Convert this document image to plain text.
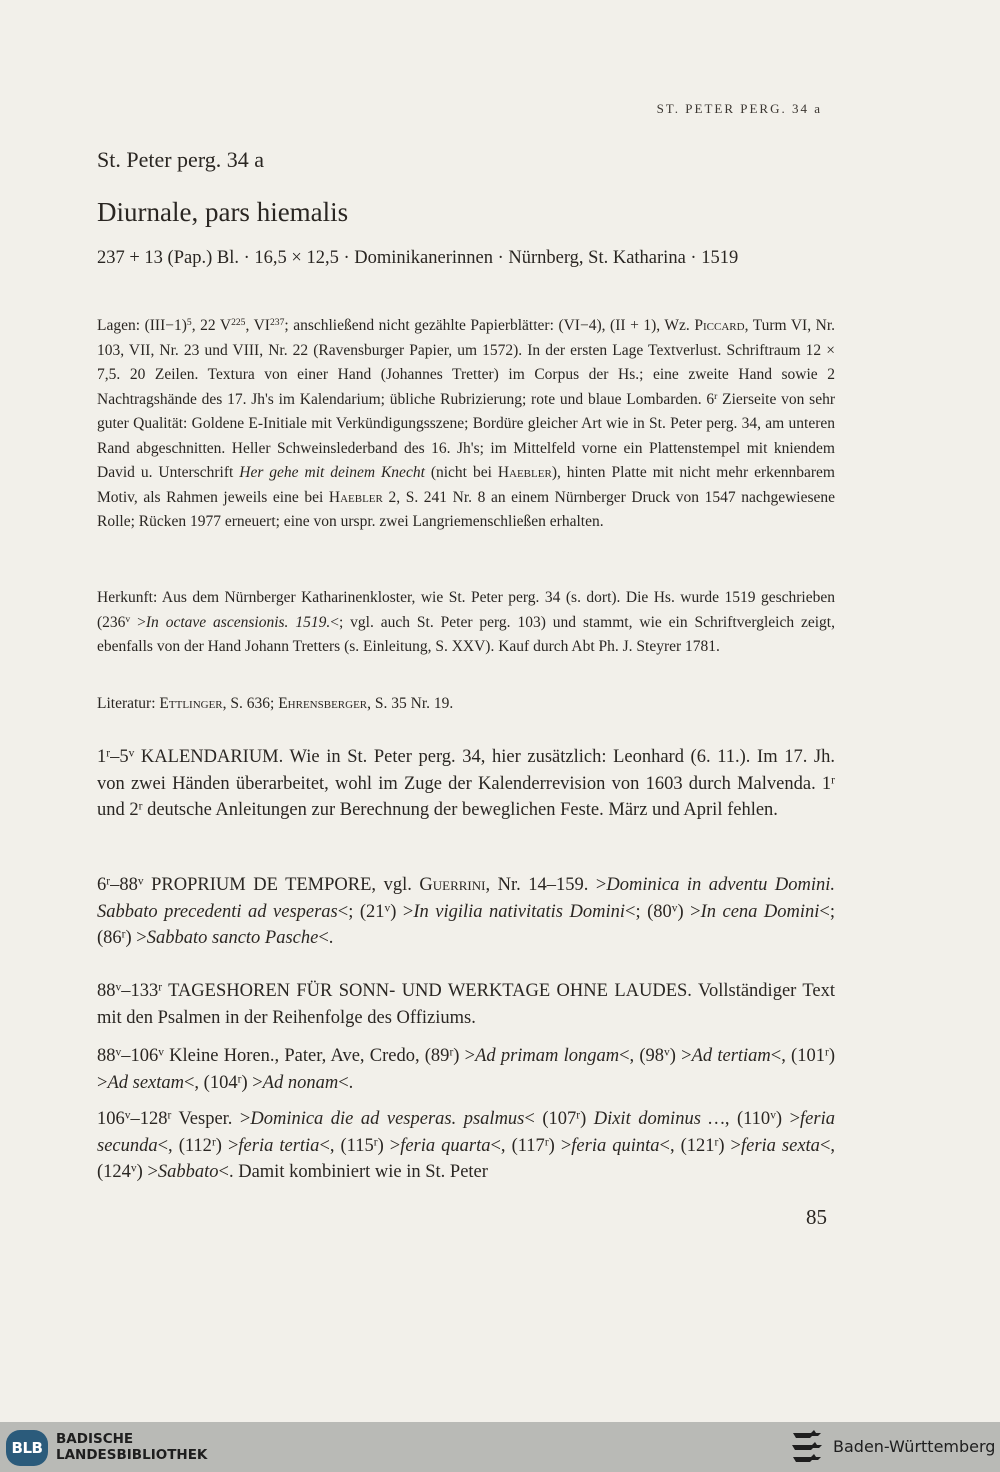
ST. PETER PERG. 34 a
St. Peter perg. 34 a
Diurnale, pars hiemalis
237 + 13 (Pap.) Bl. · 16,5 × 12,5 · Dominikanerinnen · Nürnberg, St. Katharina · 1519

Lagen: $(III-1)^5$, 22 $V^{225}$, VI$^{237}$; anschließend nicht gezählte Papierblätter: (VI−4), (II + 1), Wz. Piccard, Turm VI, Nr. 103, VII, Nr. 23 und VIII, Nr. 22 (Ravensburger Papier, um 1572). In der ersten Lage Textverlust. Schriftraum 12 × 7,5. 20 Zeilen. Textura von einer Hand (Johannes Tretter) im Corpus der Hs.; eine zweite Hand sowie 2 Nachtragshände des 17. Jh's im Kalendarium; übliche Rubrizierung; rote und blaue Lombarden. 6$^r$ Zierseite von sehr guter Qualität: Goldene E-Initiale mit Verkündigungsszene; Bordüre gleicher Art wie in St. Peter perg. 34, am unteren Rand abgeschnitten. Heller Schweinslederband des 16. Jh's; im Mittelfeld vorne ein Plattenstempel mit kniendem David u. Unterschrift Her gehe mit deinem Knecht (nicht bei Haebler), hinten Platte mit nicht mehr erkennbarem Motiv, als Rahmen jeweils eine bei Haebler 2, S. 241 Nr. 8 an einem Nürnberger Druck von 1547 nachgewiesene Rolle; Rücken 1977 erneuert; eine von urspr. zwei Langriemenschließen erhalten.

Herkunft: Aus dem Nürnberger Katharinenkloster, wie St. Peter perg. 34 (s. dort). Die Hs. wurde 1519 geschrieben ($236^v >In$ octave ascensionis. 1519.<; vgl. auch St. Peter perg. 103) und stammt, wie ein Schriftvergleich zeigt, ebenfalls von der Hand Johann Tretters (s. Einleitung, S. XXV). Kauf durch Abt Ph. J. Steyrer 1781.

Literatur: Ettlinger, S. 636; Ehrensberger, S. 35 Nr. 19.

1$^r$–5$^v$ KALENDARIUM. Wie in St. Peter perg. 34, hier zusätzlich: Leonhard (6. 11.). Im 17. Jh. von zwei Händen überarbeitet, wohl im Zuge der Kalenderrevision von 1603 durch Malvenda. 1$^r$ und 2$^r$ deutsche Anleitungen zur Berechnung der beweglichen Feste. März und April fehlen.

6$^r$–88$^v$ PROPRIUM DE TEMPORE, vgl. Guerrini, Nr. 14–159. >Dominica in adventu Domini. Sabbato precedenti ad vesperas<; $(21^v) >In$ vigilia nativitatis Domini<; $(80^v) >In$ cena Domini<; $(86^r)$ >Sabbato sancto Pasche<.

88$^v$–133$^r$ TAGESHOREN FÜR SONN- UND WERKTAGE OHNE LAUDES. Vollständiger Text mit den Psalmen in der Reihenfolge des Offiziums.

88$^v$–106$^v$ Kleine Horen., Pater, Ave, Credo, $(89^r) >Ad$ primam longam<, $(98^v) >Ad$ tertiam<, $(101^r) >Ad$ sextam<, $(104^r) >Ad$ nonam<.

106$^v$–128$^r$ Vesper. >Dominica die ad vesperas. psalmus< $(107^r)$ Dixit dominus …, $(110^v)$ >feria secunda<, $(112^r)$ >feria tertia<, $(115^r)$ >feria quarta<, $(117^r)$ >feria quinta<, $(121^r)$ >feria sexta<, $(124^v)$ >Sabbato<. Damit kombiniert wie in St. Peter

85
BLB	BADISCHE
LANDESBIBLIOTHEK	Baden-Württemberg
